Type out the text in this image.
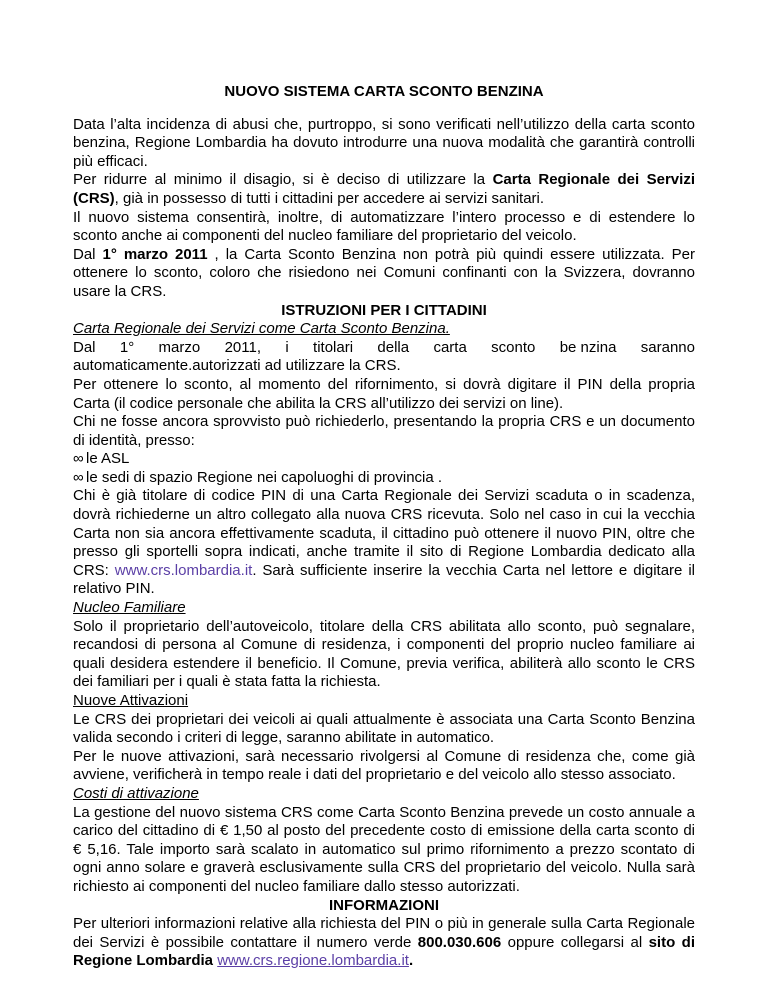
NUOVO SISTEMA CARTA SCONTO BENZINA

Data l’alta incidenza di abusi che, purtroppo, si sono verificati nell’utilizzo della carta sconto benzina, Regione Lombardia ha dovuto introdurre una nuova modalità che garantirà controlli più efficaci.

Per ridurre al minimo il disagio, si è deciso di utilizzare la Carta Regionale dei Servizi (CRS), già in possesso di tutti i cittadini per accedere ai servizi sanitari.

Il nuovo sistema consentirà, inoltre, di automatizzare l’intero processo e di estendere lo sconto anche ai componenti del nucleo familiare del proprietario del veicolo.

Dal 1° marzo 2011 , la Carta Sconto Benzina non potrà più quindi essere utilizzata. Per ottenere lo sconto, coloro che risiedono nei Comuni confinanti con la Svizzera, dovranno usare la CRS.

ISTRUZIONI PER I CITTADINI
Carta Regionale dei Servizi come Carta Sconto Benzina.
Dal 1° marzo 2011, i titolari della carta sconto be nzina saranno

automaticamente.autorizzati ad utilizzare la CRS.

Per ottenere lo sconto, al momento del rifornimento, si dovrà digitare il PIN della propria Carta (il codice personale che abilita la CRS all’utilizzo dei servizi on line).

Chi ne fosse ancora sprovvisto può richiederlo, presentando la propria CRS e un documento di identità, presso:

∞ le ASL
∞ le sedi di spazio Regione nei capoluoghi di provincia .

Chi è già titolare di codice PIN di una Carta Regionale dei Servizi scaduta o in scadenza, dovrà richiederne un altro collegato alla nuova CRS ricevuta. Solo nel caso in cui la vecchia Carta non sia ancora effettivamente scaduta, il cittadino può ottenere il nuovo PIN, oltre che presso gli sportelli sopra indicati, anche tramite il sito di Regione Lombardia dedicato alla CRS: www.crs.lombardia.it. Sarà sufficiente inserire la vecchia Carta nel lettore e digitare il relativo PIN.

Nucleo Familiare

Solo il proprietario dell’autoveicolo, titolare della CRS abilitata allo sconto, può segnalare, recandosi di persona al Comune di residenza, i componenti del proprio nucleo familiare ai quali desidera estendere il beneficio. Il Comune, previa verifica, abiliterà allo sconto le CRS dei familiari per i quali è stata fatta la richiesta.

Nuove Attivazioni

Le CRS dei proprietari dei veicoli ai quali attualmente è associata una Carta Sconto Benzina valida secondo i criteri di legge, saranno abilitate in automatico.

Per le nuove attivazioni, sarà necessario rivolgersi al Comune di residenza che, come già avviene, verificherà in tempo reale i dati del proprietario e del veicolo allo stesso associato.

Costi di attivazione

La gestione del nuovo sistema CRS come Carta Sconto Benzina prevede un costo annuale a carico del cittadino di € 1,50 al posto del precedente costo di emissione della carta sconto di € 5,16. Tale importo sarà scalato in automatico sul primo rifornimento a prezzo scontato di ogni anno solare e graverà esclusivamente sulla CRS del proprietario del veicolo. Nulla sarà richiesto ai componenti del nucleo familiare dallo stesso autorizzati.

INFORMAZIONI

Per ulteriori informazioni relative alla richiesta del PIN o più in generale sulla Carta Regionale dei Servizi è possibile contattare il numero verde 800.030.606 oppure collegarsi al sito di Regione Lombardia www.crs.regione.lombardia.it.
